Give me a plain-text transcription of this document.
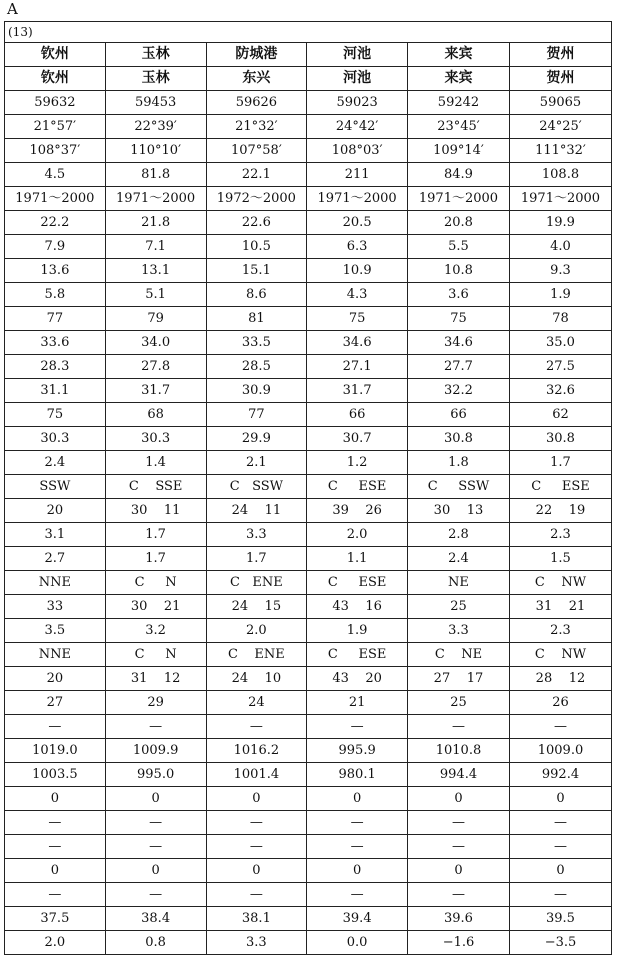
A
(13)					
钦州	玉林	防城港	河池	来宾	贺州
钦州	玉林	东兴	河池	来宾	贺州
59632	59453	59626	59023	59242	59065
21°57′	22°39′	21°32′	24°42′	23°45′	24°25′
108°37′	110°10′	107°58′	108°03′	109°14′	111°32′
4.5	81.8	22.1	211	84.9	108.8
1971～2000	1971～2000	1972～2000	1971～2000	1971～2000	1971～2000
22.2	21.8	22.6	20.5	20.8	19.9
7.9	7.1	10.5	6.3	5.5	4.0
13.6	13.1	15.1	10.9	10.8	9.3
5.8	5.1	8.6	4.3	3.6	1.9
77	79	81	75	75	78
33.6	34.0	33.5	34.6	34.6	35.0
28.3	27.8	28.5	27.1	27.7	27.5
31.1	31.7	30.9	31.7	32.2	32.6
75	68	77	66	66	62
30.3	30.3	29.9	30.7	30.8	30.8
2.4	1.4	2.1	1.2	1.8	1.7
SSW	C    SSE	C   SSW	C     ESE	C     SSW	C     ESE
20	30    11	24    11	39    26	30    13	22    19
3.1	1.7	3.3	2.0	2.8	2.3
2.7	1.7	1.7	1.1	2.4	1.5
NNE	C     N	C   ENE	C     ESE	NE	C    NW
33	30    21	24    15	43    16	25	31    21
3.5	3.2	2.0	1.9	3.3	2.3
NNE	C     N	C    ENE	C     ESE	C    NE	C    NW
20	31    12	24    10	43    20	27    17	28    12
27	29	24	21	25	26
—	—	—	—	—	—
1019.0	1009.9	1016.2	995.9	1010.8	1009.0
1003.5	995.0	1001.4	980.1	994.4	992.4
0	0	0	0	0	0
—	—	—	—	—	—
—	—	—	—	—	—
0	0	0	0	0	0
—	—	—	—	—	—
37.5	38.4	38.1	39.4	39.6	39.5
2.0	0.8	3.3	0.0	−1.6	−3.5
